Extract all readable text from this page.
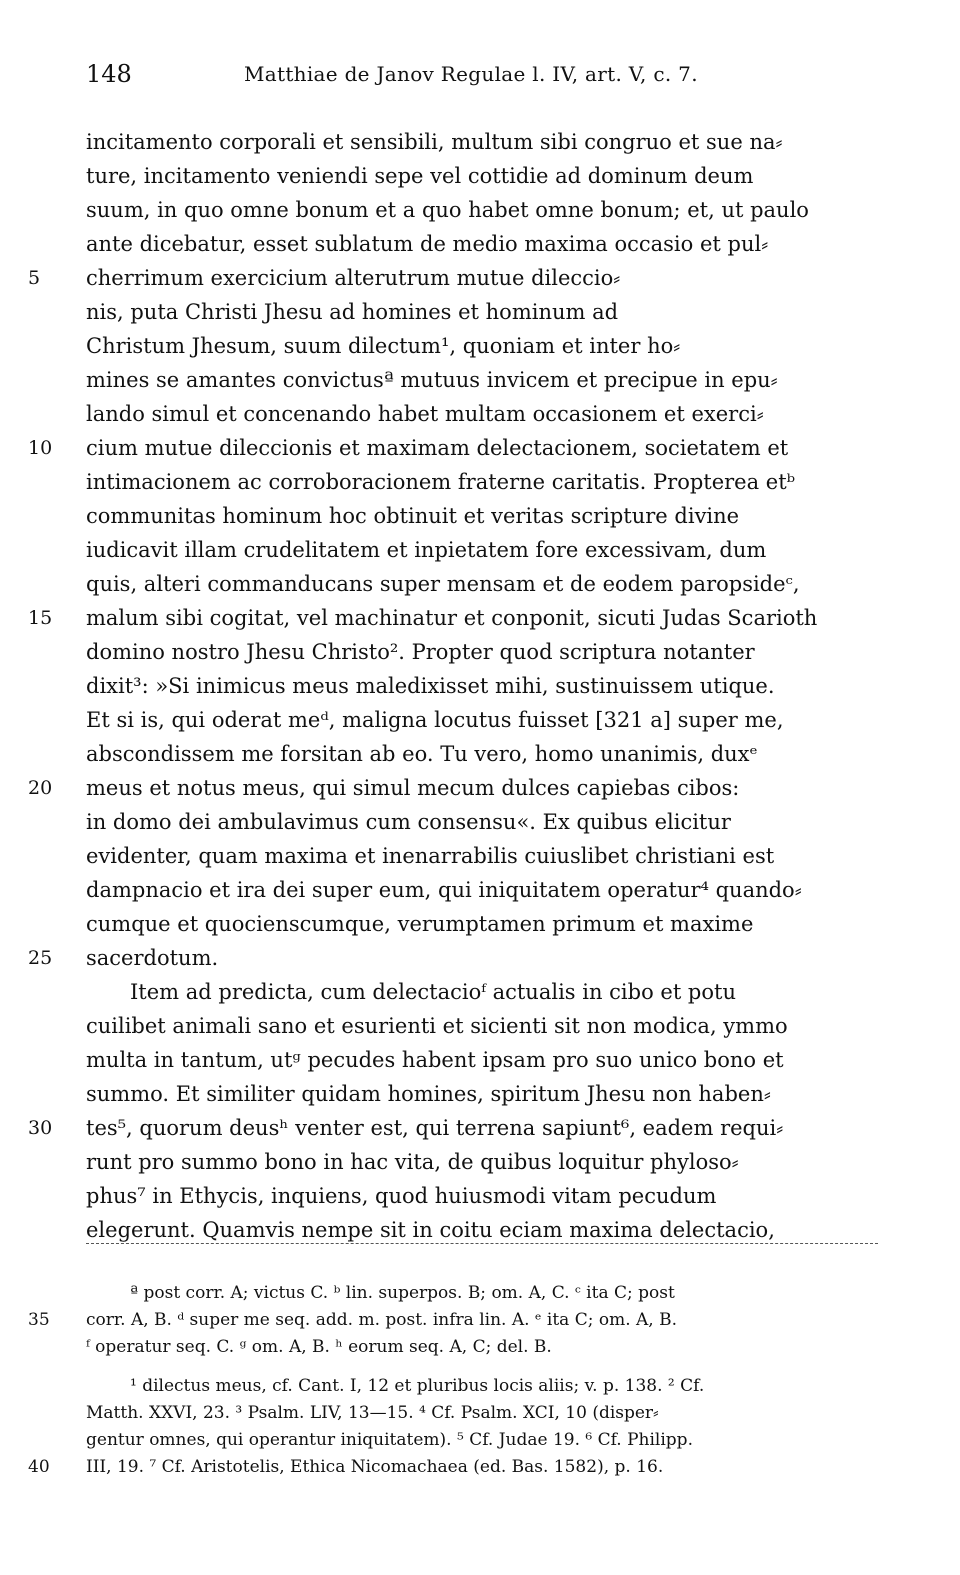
148	Matthiae de Janov Regulae l. IV, art. V, c. 7.
incitamento corporali et sensibili, multum sibi congruo et sue na⸗
ture, incitamento veniendi sepe vel cottidie ad dominum deum
suum, in quo omne bonum et a quo habet omne bonum; et, ut paulo
ante dicebatur, esset sublatum de medio maxima occasio et pul⸗
cherrimum exercicium alterutrum mutue dileccio⸗
nis, puta Christi Jhesu ad homines et hominum ad
Christum Jhesum, suum dilectum¹, quoniam et inter ho⸗
mines se amantes convictusª mutuus invicem et precipue in epu⸗
lando simul et concenando habet multam occasionem et exerci⸗
cium mutue dileccionis et maximam delectacionem, societatem et
intimacionem ac corroboracionem fraterne caritatis. Propterea etᵇ
communitas hominum hoc obtinuit et veritas scripture divine
iudicavit illam crudelitatem et inpietatem fore excessivam, dum
quis, alteri commanducans super mensam et de eodem paropsideᶜ,
malum sibi cogitat, vel machinatur et conponit, sicuti Judas Scarioth
domino nostro Jhesu Christo². Propter quod scriptura notanter
dixit³: »Si inimicus meus maledixisset mihi, sustinuissem utique.
Et si is, qui oderat meᵈ, maligna locutus fuisset [321 a] super me,
abscondissem me forsitan ab eo. Tu vero, homo unanimis, duxᵉ
meus et notus meus, qui simul mecum dulces capiebas cibos:
in domo dei ambulavimus cum consensu«. Ex quibus elicitur
evidenter, quam maxima et inenarrabilis cuiuslibet christiani est
dampnacio et ira dei super eum, qui iniquitatem operatur⁴ quando⸗
cumque et quocienscumque, verumptamen primum et maxime
sacerdotum.
Item ad predicta, cum delectacioᶠ actualis in cibo et potu
cuilibet animali sano et esurienti et sicienti sit non modica, ymmo
multa in tantum, utᵍ pecudes habent ipsam pro suo unico bono et
summo. Et similiter quidam homines, spiritum Jhesu non haben⸗
tes⁵, quorum deusʰ venter est, qui terrena sapiunt⁶, eadem requi⸗
runt pro summo bono in hac vita, de quibus loquitur phyloso⸗
phus⁷ in Ethycis, inquiens, quod huiusmodi vitam pecudum
elegerunt. Quamvis nempe sit in coitu eciam maxima delectacio,
5
10
15
20
25
30
ª post corr. A; victus C. ᵇ lin. superpos. B; om. A, C. ᶜ ita C; post
corr. A, B. ᵈ super me seq. add. m. post. infra lin. A. ᵉ ita C; om. A, B.
ᶠ operatur seq. C. ᵍ om. A, B. ʰ eorum seq. A, C; del. B.
¹ dilectus meus, cf. Cant. I, 12 et pluribus locis aliis; v. p. 138. ² Cf.
Matth. XXVI, 23. ³ Psalm. LIV, 13—15. ⁴ Cf. Psalm. XCI, 10 (disper⸗
gentur omnes, qui operantur iniquitatem). ⁵ Cf. Judae 19. ⁶ Cf. Philipp.
III, 19. ⁷ Cf. Aristotelis, Ethica Nicomachaea (ed. Bas. 1582), p. 16.
35
40
